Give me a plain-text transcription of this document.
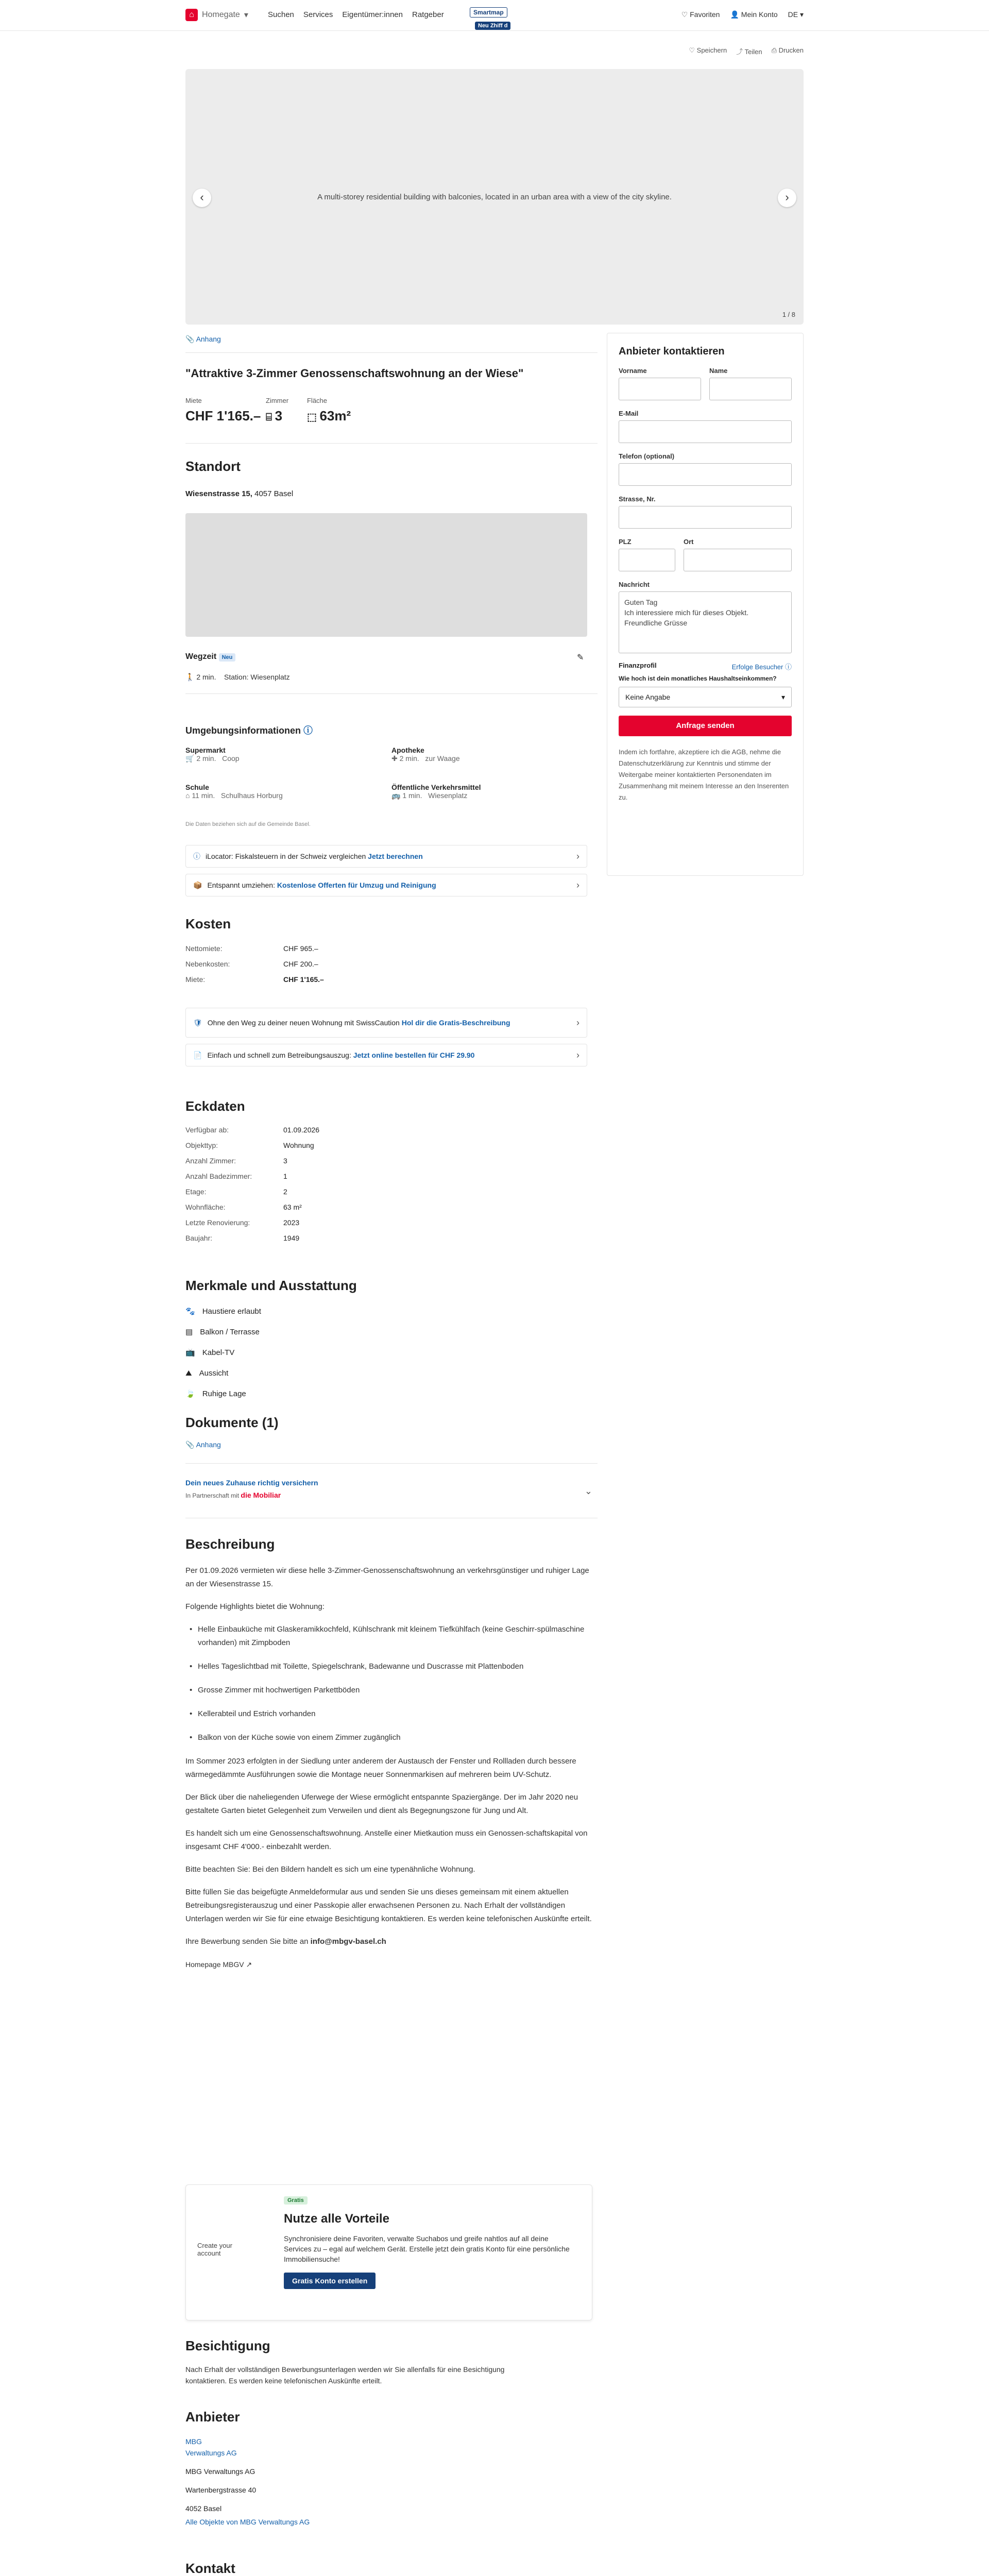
⌂ Homegate ▾	Suchen Services Eigentümer:innen Ratgeber	Smartmap
Neu Zhiff d
♡ Favoriten 👤 Mein Konto DE ▾
♡ Speichern ⤴ Teilen ⎙ Drucken
A multi-storey residential building with balconies, located in an urban area with a view of the city skyline.
‹	›
1 / 8
📎 Anhang
"Attraktive 3-Zimmer Genossenschaftswohnung an der Wiese"
Miete
CHF 1'165.–
Zimmer
⌸ 3
Fläche
⬚ 63m²
Standort
Wiesenstrasse 15, 4057 Basel
Wegzeit Neu	✎
🚶 2 min. Station: Wiesenplatz
Umgebungsinformationen ⓘ
Supermarkt
🛒 2 min. Coop
Apotheke
✚ 2 min. zur Waage
Schule
⌂ 11 min. Schulhaus Horburg
Öffentliche Verkehrsmittel
🚌 1 min. Wiesenplatz
Die Daten beziehen sich auf die Gemeinde Basel.
ⓘ iLocator: Fiskalsteuern in der Schweiz vergleichen Jetzt berechnen	›
📦 Entspannt umziehen: Kostenlose Offerten für Umzug und Reinigung	›
Kosten
Nettomiete:	CHF 965.–
Nebenkosten:	CHF 200.–
Miete:	CHF 1'165.–
🛡 Ohne den Weg zu deiner neuen Wohnung mit SwissCaution Hol dir die Gratis-Beschreibung	›
📄 Einfach und schnell zum Betreibungsauszug: Jetzt online bestellen für CHF 29.90	›
Eckdaten
Verfügbar ab:	01.09.2026
Objekttyp:	Wohnung
Anzahl Zimmer:	3
Anzahl Badezimmer:	1
Etage:	2
Wohnfläche:	63 m²
Letzte Renovierung:	2023
Baujahr:	1949
Merkmale und Ausstattung
🐾 Haustiere erlaubt
▤ Balkon / Terrasse
📺 Kabel-TV
⛰ Aussicht
🍃 Ruhige Lage
Dokumente (1)
📎 Anhang
Dein neues Zuhause richtig versichern
In Partnerschaft mit die Mobiliar	⌄
Beschreibung

Per 01.09.2026 vermieten wir diese helle 3-Zimmer-Genossenschaftswohnung an verkehrsgünstiger und ruhiger Lage an der Wiesenstrasse 15.

Folgende Highlights bietet die Wohnung:

• Helle Einbauküche mit Glaskeramikkochfeld, Kühlschrank mit kleinem Tiefkühlfach (keine Geschirr-spülmaschine vorhanden) mit Zimpboden
• Helles Tageslichtbad mit Toilette, Spiegelschrank, Badewanne und Duscrasse mit Plattenboden
• Grosse Zimmer mit hochwertigen Parkettböden
• Kellerabteil und Estrich vorhanden
• Balkon von der Küche sowie von einem Zimmer zugänglich

Im Sommer 2023 erfolgten in der Siedlung unter anderem der Austausch der Fenster und Rollladen durch bessere wärmegedämmte Ausführungen sowie die Montage neuer Sonnenmarkisen auf mehreren beim UV-Schutz.

Der Blick über die naheliegenden Uferwege der Wiese ermöglicht entspannte Spaziergänge. Der im Jahr 2020 neu gestaltete Garten bietet Gelegenheit zum Verweilen und dient als Begegnungszone für Jung und Alt.

Es handelt sich um eine Genossenschaftswohnung. Anstelle einer Mietkaution muss ein Genossen-schaftskapital von insgesamt CHF 4'000.- einbezahlt werden.

Bitte beachten Sie: Bei den Bildern handelt es sich um eine typenähnliche Wohnung.

Bitte füllen Sie das beigefügte Anmeldeformular aus und senden Sie uns dieses gemeinsam mit einem aktuellen Betreibungsregisterauszug und einer Passkopie aller erwachsenen Personen zu. Nach Erhalt der vollständigen Unterlagen werden wir Sie für eine etwaige Besichtigung kontaktieren. Es werden keine telefonischen Auskünfte erteilt.

Ihre Bewerbung senden Sie bitte an info@mbgv-basel.ch

Homepage MBGV ↗

Create your account
Gratis
Nutze alle Vorteile
Synchronisiere deine Favoriten, verwalte Suchabos und greife nahtlos auf all deine Services zu – egal auf welchem Gerät. Erstelle jetzt dein gratis Konto für eine persönliche Immobiliensuche!
Gratis Konto erstellen
Besichtigung
Nach Erhalt der vollständigen Bewerbungsunterlagen werden wir Sie allenfalls für eine Besichtigung kontaktieren. Es werden keine telefonischen Auskünfte erteilt.
Anbieter
MBG
Verwaltungs AG
MBG Verwaltungs AG
Wartenbergstrasse 40
4052 Basel
Alle Objekte von MBG Verwaltungs AG
Kontakt
Anbieter kontaktieren
Vorname	Name
E-Mail
Telefon (optional)
Strasse, Nr.
PLZ	Ort
Nachricht
Guten Tag
Ich interessiere mich für dieses Objekt.
Freundliche Grüsse
Finanzprofil	Erfolge Besucher ⓘ
Wie hoch ist dein monatliches Haushaltseinkommen?
Keine Angabe	▾
Anfrage senden
Indem ich fortfahre, akzeptiere ich die AGB, nehme die Datenschutzerklärung zur Kenntnis und stimme der Weitergabe meiner kontaktierten Personendaten im Zusammenhang mit meinem Interesse an den Inserenten zu.
